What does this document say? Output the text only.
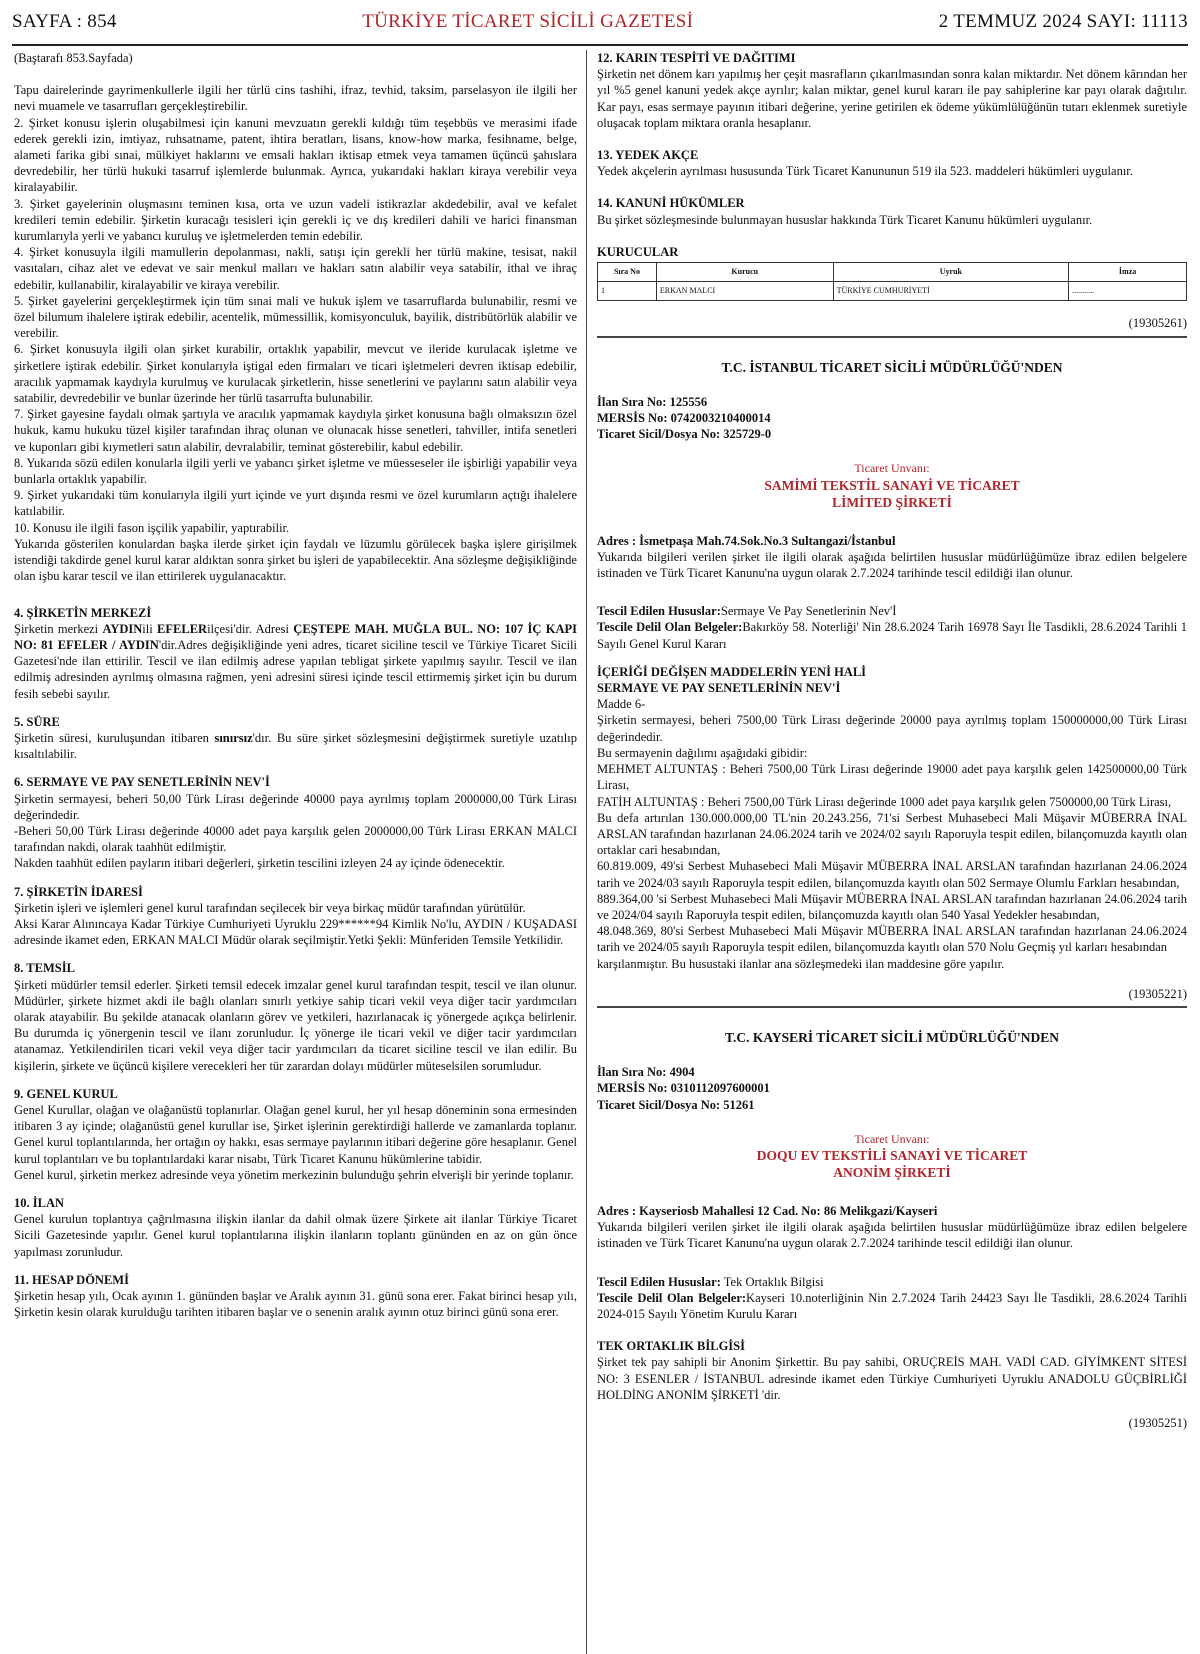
SAYFA : 854	TÜRKİYE TİCARET SİCİLİ GAZETESİ	2 TEMMUZ 2024 SAYI: 11113

(Baştarafı 853.Sayfada)

Tapu dairelerinde gayrimenkullerle ilgili her türlü cins tashihi, ifraz, tevhid, taksim, parselasyon ile ilgili her nevi muamele ve tasarrufları gerçekleştirebilir.

2. Şirket konusu işlerin oluşabilmesi için kanuni mevzuatın gerekli kıldığı tüm teşebbüs ve merasimi ifade ederek gerekli izin, imtiyaz, ruhsatname, patent, ihtira beratları, lisans, know-how marka, fesihname, belge, alameti farika gibi sınai, mülkiyet haklarını ve emsali hakları iktisap etmek veya tamamen üçüncü şahıslara devredebilir, her türlü hukuki tasarruf işlemlerde bulunmak. Ayrıca, yukarıdaki hakları kiraya verebilir veya kiralayabilir.

3. Şirket gayelerinin oluşmasını teminen kısa, orta ve uzun vadeli istikrazlar akdedebilir, aval ve kefalet kredileri temin edebilir. Şirketin kuracağı tesisleri için gerekli iç ve dış kredileri dahili ve harici finansman kurumlarıyla yerli ve yabancı kuruluş ve işletmelerden temin edebilir.

4. Şirket konusuyla ilgili mamullerin depolanması, nakli, satışı için gerekli her türlü makine, tesisat, nakil vasıtaları, cihaz alet ve edevat ve sair menkul malları ve hakları satın alabilir veya satabilir, ithal ve ihraç edebilir, kullanabilir, kiralayabilir ve kiraya verebilir.

5. Şirket gayelerini gerçekleştirmek için tüm sınai mali ve hukuk işlem ve tasarruflarda bulunabilir, resmi ve özel bilumum ihalelere iştirak edebilir, acentelik, mümessillik, komisyonculuk, bayilik, distribütörlük alabilir ve verebilir.

6. Şirket konusuyla ilgili olan şirket kurabilir, ortaklık yapabilir, mevcut ve ileride kurulacak işletme ve şirketlere iştirak edebilir. Şirket konularıyla iştigal eden firmaları ve ticari işletmeleri devren iktisap edebilir, aracılık yapmamak kaydıyla kurulmuş ve kurulacak şirketlerin, hisse senetlerini ve paylarını satın alabilir veya satabilir, devredebilir ve bunlar üzerinde her türlü tasarrufta bulunabilir.

7. Şirket gayesine faydalı olmak şartıyla ve aracılık yapmamak kaydıyla şirket konusuna bağlı olmaksızın özel hukuk, kamu hukuku tüzel kişiler tarafından ihraç olunan ve olunacak hisse senetleri, tahviller, intifa senetleri ve kuponları gibi kıymetleri satın alabilir, devralabilir, teminat gösterebilir, kabul edebilir.

8. Yukarıda sözü edilen konularla ilgili yerli ve yabancı şirket işletme ve müesseseler ile işbirliği yapabilir veya bunlarla ortaklık yapabilir.

9. Şirket yukarıdaki tüm konularıyla ilgili yurt içinde ve yurt dışında resmi ve özel kurumların açtığı ihalelere katılabilir.

10. Konusu ile ilgili fason işçilik yapabilir, yaptırabilir.

Yukarıda gösterilen konulardan başka ilerde şirket için faydalı ve lüzumlu görülecek başka işlere girişilmek istendiği takdirde genel kurul karar aldıktan sonra şirket bu işleri de yapabilecektir. Ana sözleşme değişikliğinde olan işbu karar tescil ve ilan ettirilerek uygulanacaktır.

4. ŞİRKETİN MERKEZİ

Şirketin merkezi AYDINili EFELERilçesi'dir. Adresi ÇEŞTEPE MAH. MUĞLA BUL. NO: 107 İÇ KAPI NO: 81 EFELER / AYDIN'dir.Adres değişikliğinde yeni adres, ticaret siciline tescil ve Türkiye Ticaret Sicili Gazetesi'nde ilan ettirilir. Tescil ve ilan edilmiş adrese yapılan tebligat şirkete yapılmış sayılır. Tescil ve ilan edilmiş adresinden ayrılmış olmasına rağmen, yeni adresini süresi içinde tescil ettirmemiş şirket için bu durum fesih sebebi sayılır.

5. SÜRE

Şirketin süresi, kuruluşundan itibaren sınırsız'dır. Bu süre şirket sözleşmesini değiştirmek suretiyle uzatılıp kısaltılabilir.

6. SERMAYE VE PAY SENETLERİNİN NEV'İ

Şirketin sermayesi, beheri 50,00 Türk Lirası değerinde 40000 paya ayrılmış toplam 2000000,00 Türk Lirası değerindedir.

-Beheri 50,00 Türk Lirası değerinde 40000 adet paya karşılık gelen 2000000,00 Türk Lirası ERKAN MALCI tarafından nakdi, olarak taahhüt edilmiştir.

Nakden taahhüt edilen payların itibari değerleri, şirketin tescilini izleyen 24 ay içinde ödenecektir.

7. ŞİRKETİN İDARESİ

Şirketin işleri ve işlemleri genel kurul tarafından seçilecek bir veya birkaç müdür tarafından yürütülür.

Aksi Karar Alınıncaya Kadar Türkiye Cumhuriyeti Uyruklu 229******94 Kimlik No'lu, AYDIN / KUŞADASI adresinde ikamet eden, ERKAN MALCI Müdür olarak seçilmiştir.Yetki Şekli: Münferiden Temsile Yetkilidir.

8. TEMSİL

Şirketi müdürler temsil ederler. Şirketi temsil edecek imzalar genel kurul tarafından tespit, tescil ve ilan olunur. Müdürler, şirkete hizmet akdi ile bağlı olanları sınırlı yetkiye sahip ticari vekil veya diğer tacir yardımcıları olarak atayabilir. Bu şekilde atanacak olanların görev ve yetkileri, hazırlanacak iç yönergede açıkça belirlenir. Bu durumda iç yönergenin tescil ve ilanı zorunludur. İç yönerge ile ticari vekil ve diğer tacir yardımcıları atanamaz. Yetkilendirilen ticari vekil veya diğer tacir yardımcıları da ticaret siciline tescil ve ilan edilir. Bu kişilerin, şirkete ve üçüncü kişilere verecekleri her tür zarardan dolayı müdürler müteselsilen sorumludur.

9. GENEL KURUL

Genel Kurullar, olağan ve olağanüstü toplanırlar. Olağan genel kurul, her yıl hesap döneminin sona ermesinden itibaren 3 ay içinde; olağanüstü genel kurullar ise, Şirket işlerinin gerektirdiği hallerde ve zamanlarda toplanır. Genel kurul toplantılarında, her ortağın oy hakkı, esas sermaye paylarının itibari değerine göre hesaplanır. Genel kurul toplantıları ve bu toplantılardaki karar nisabı, Türk Ticaret Kanunu hükümlerine tabidir.

Genel kurul, şirketin merkez adresinde veya yönetim merkezinin bulunduğu şehrin elverişli bir yerinde toplanır.

10. İLAN

Genel kurulun toplantıya çağrılmasına ilişkin ilanlar da dahil olmak üzere Şirkete ait ilanlar Türkiye Ticaret Sicili Gazetesinde yapılır. Genel kurul toplantılarına ilişkin ilanların toplantı gününden en az on gün önce yapılması zorunludur.

11. HESAP DÖNEMİ

Şirketin hesap yılı, Ocak ayının 1. gününden başlar ve Aralık ayının 31. günü sona erer. Fakat birinci hesap yılı, Şirketin kesin olarak kurulduğu tarihten itibaren başlar ve o senenin aralık ayının otuz birinci günü sona erer.

12. KARIN TESPİTİ VE DAĞITIMI

Şirketin net dönem karı yapılmış her çeşit masrafların çıkarılmasından sonra kalan miktardır. Net dönem kârından her yıl %5 genel kanuni yedek akçe ayrılır; kalan miktar, genel kurul kararı ile pay sahiplerine kar payı olarak dağıtılır. Kar payı, esas sermaye payının itibari değerine, yerine getirilen ek ödeme yükümlülüğünün tutarı eklenmek suretiyle oluşacak toplam miktara oranla hesaplanır.

13. YEDEK AKÇE

Yedek akçelerin ayrılması hususunda Türk Ticaret Kanununun 519 ila 523. maddeleri hükümleri uygulanır.

14. KANUNİ HÜKÜMLER

Bu şirket sözleşmesinde bulunmayan hususlar hakkında Türk Ticaret Kanunu hükümleri uygulanır.

KURUCULAR

Sıra No	Kurucu	Uyruk	İmza
1	ERKAN MALCI	TÜRKİYE CUMHURİYETİ	...........

(19305261)

T.C. İSTANBUL TİCARET SİCİLİ MÜDÜRLÜĞÜ'NDEN

İlan Sıra No: 125556

MERSİS No: 0742003210400014

Ticaret Sicil/Dosya No: 325729-0

Ticaret Unvanı:

SAMİMİ TEKSTİL SANAYİ VE TİCARET

LİMİTED ŞİRKETİ

Adres : İsmetpaşa Mah.74.Sok.No.3 Sultangazi/İstanbul

Yukarıda bilgileri verilen şirket ile ilgili olarak aşağıda belirtilen hususlar müdürlüğümüze ibraz edilen belgelere istinaden ve Türk Ticaret Kanunu'na uygun olarak 2.7.2024 tarihinde tescil edildiği ilan olunur.

Tescil Edilen Hususlar:Sermaye Ve Pay Senetlerinin Nev'İ

Tescile Delil Olan Belgeler:Bakırköy 58. Noterliği' Nin 28.6.2024 Tarih 16978 Sayı İle Tasdikli, 28.6.2024 Tarihli 1 Sayılı Genel Kurul Kararı

İÇERİĞİ DEĞİŞEN MADDELERİN YENİ HALİ

SERMAYE VE PAY SENETLERİNİN NEV'İ

Madde 6-

Şirketin sermayesi, beheri 7500,00 Türk Lirası değerinde 20000 paya ayrılmış toplam 150000000,00 Türk Lirası değerindedir.

Bu sermayenin dağılımı aşağıdaki gibidir:

MEHMET ALTUNTAŞ : Beheri 7500,00 Türk Lirası değerinde 19000 adet paya karşılık gelen 142500000,00 Türk Lirası,

FATİH ALTUNTAŞ : Beheri 7500,00 Türk Lirası değerinde 1000 adet paya karşılık gelen 7500000,00 Türk Lirası,

Bu defa artırılan 130.000.000,00 TL'nin 20.243.256, 71'si Serbest Muhasebeci Mali Müşavir MÜBERRA İNAL ARSLAN tarafından hazırlanan 24.06.2024 tarih ve 2024/02 sayılı Raporuyla tespit edilen, bilançomuzda kayıtlı olan ortaklar cari hesabından,

60.819.009, 49'si Serbest Muhasebeci Mali Müşavir MÜBERRA İNAL ARSLAN tarafından hazırlanan 24.06.2024 tarih ve 2024/03 sayılı Raporuyla tespit edilen, bilançomuzda kayıtlı olan 502 Sermaye Olumlu Farkları hesabından,

889.364,00 'si Serbest Muhasebeci Mali Müşavir MÜBERRA İNAL ARSLAN tarafından hazırlanan 24.06.2024 tarih ve 2024/04 sayılı Raporuyla tespit edilen, bilançomuzda kayıtlı olan 540 Yasal Yedekler hesabından,

48.048.369, 80'si Serbest Muhasebeci Mali Müşavir MÜBERRA İNAL ARSLAN tarafından hazırlanan 24.06.2024 tarih ve 2024/05 sayılı Raporuyla tespit edilen, bilançomuzda kayıtlı olan 570 Nolu Geçmiş yıl karları hesabından

karşılanmıştır. Bu husustaki ilanlar ana sözleşmedeki ilan maddesine göre yapılır.

(19305221)

T.C. KAYSERİ TİCARET SİCİLİ MÜDÜRLÜĞÜ'NDEN

İlan Sıra No: 4904

MERSİS No: 0310112097600001

Ticaret Sicil/Dosya No: 51261

Ticaret Unvanı:

DOQU EV TEKSTİLİ SANAYİ VE TİCARET

ANONİM ŞİRKETİ

Adres : Kayseriosb Mahallesi 12 Cad. No: 86 Melikgazi/Kayseri

Yukarıda bilgileri verilen şirket ile ilgili olarak aşağıda belirtilen hususlar müdürlüğümüze ibraz edilen belgelere istinaden ve Türk Ticaret Kanunu'na uygun olarak 2.7.2024 tarihinde tescil edildiği ilan olunur.

Tescil Edilen Hususlar: Tek Ortaklık Bilgisi

Tescile Delil Olan Belgeler:Kayseri 10.noterliğinin Nin 2.7.2024 Tarih 24423 Sayı İle Tasdikli, 28.6.2024 Tarihli 2024-015 Sayılı Yönetim Kurulu Kararı

TEK ORTAKLIK BİLGİSİ

Şirket tek pay sahipli bir Anonim Şirkettir. Bu pay sahibi, ORUÇREİS MAH. VADİ CAD. GİYİMKENT SİTESİ NO: 3 ESENLER / İSTANBUL adresinde ikamet eden Türkiye Cumhuriyeti Uyruklu ANADOLU GÜÇBİRLİĞİ HOLDİNG ANONİM ŞİRKETİ 'dir.

(19305251)
